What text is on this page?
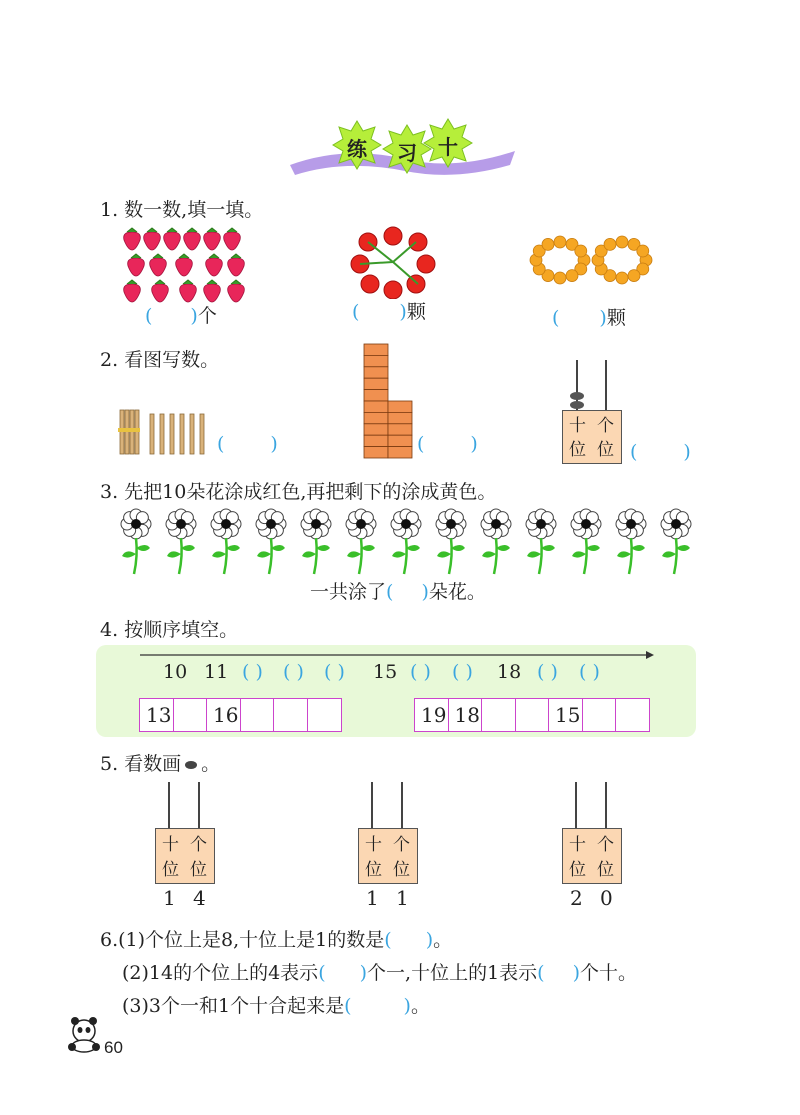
练 习 十
1. 数一数,填一填。
( )个	( )颗	( )颗
2. 看图写数。
( )	( )
十 个
位 位 ( )
3. 先把10朵花涂成红色,再把剩下的涂成黄色。
一共涂了( )朵花。
4. 按顺序填空。
10 11 ( ) ( ) ( ) 15 ( ) ( ) 18 ( ) ( )
13	16	19 18	15
5. 看数画 。
十 个
位 位
1 4
十 个
位 位
1 1
十 个
位 位
2 0
6.(1)个位上是8,十位上是1的数是( )。
(2)14的个位上的4表示( )个一,十位上的1表示( )个十。
(3)3个一和1个十合起来是(	)。
60
